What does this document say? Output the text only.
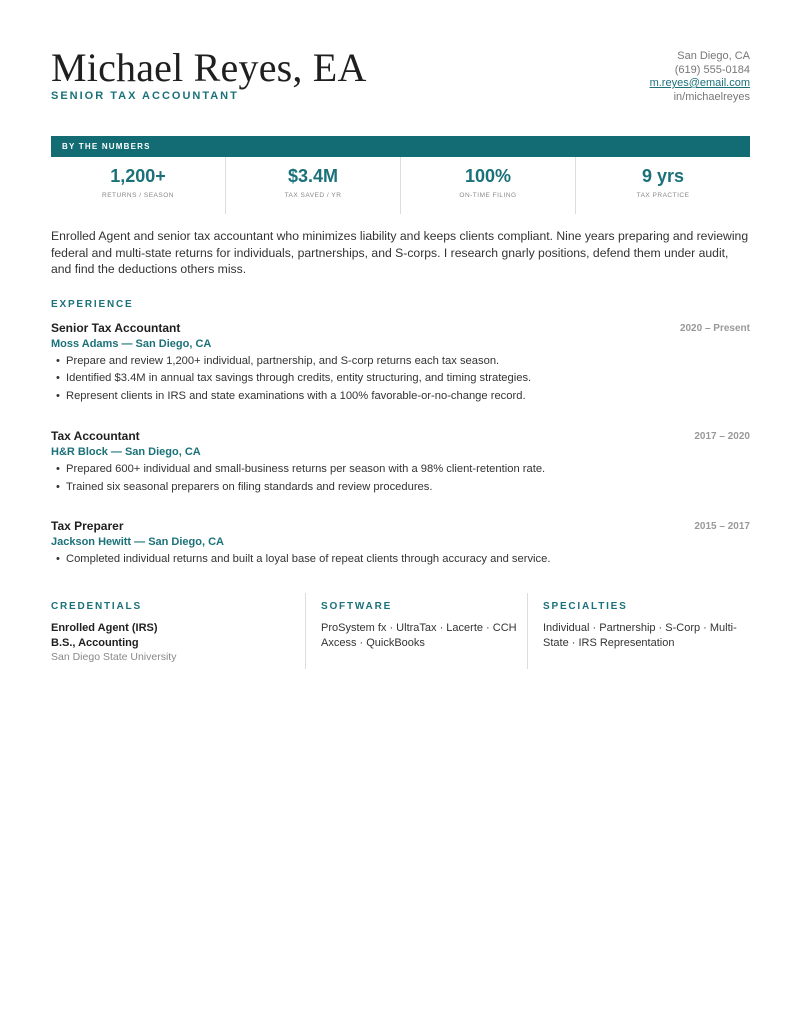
Michael Reyes, EA
SENIOR TAX ACCOUNTANT
San Diego, CA
(619) 555-0184
m.reyes@email.com
in/michaelreyes
BY THE NUMBERS
1,200+
RETURNS / SEASON
$3.4M
TAX SAVED / YR
100%
ON-TIME FILING
9 yrs
TAX PRACTICE

Enrolled Agent and senior tax accountant who minimizes liability and keeps clients compliant. Nine years preparing and reviewing federal and multi-state returns for individuals, partnerships, and S-corps. I research gnarly positions, defend them under audit, and find the deductions others miss.

EXPERIENCE
Senior Tax Accountant	2020 – Present
Moss Adams — San Diego, CA
• Prepare and review 1,200+ individual, partnership, and S-corp returns each tax season.
• Identified $3.4M in annual tax savings through credits, entity structuring, and timing strategies.
• Represent clients in IRS and state examinations with a 100% favorable-or-no-change record.
Tax Accountant	2017 – 2020
H&R Block — San Diego, CA
• Prepared 600+ individual and small-business returns per season with a 98% client-retention rate.
• Trained six seasonal preparers on filing standards and review procedures.
Tax Preparer	2015 – 2017
Jackson Hewitt — San Diego, CA
• Completed individual returns and built a loyal base of repeat clients through accuracy and service.
CREDENTIALS
Enrolled Agent (IRS)
B.S., Accounting
San Diego State University
SOFTWARE
ProSystem fx · UltraTax · Lacerte · CCH Axcess · QuickBooks
SPECIALTIES
Individual · Partnership · S-Corp · Multi-State · IRS Representation
